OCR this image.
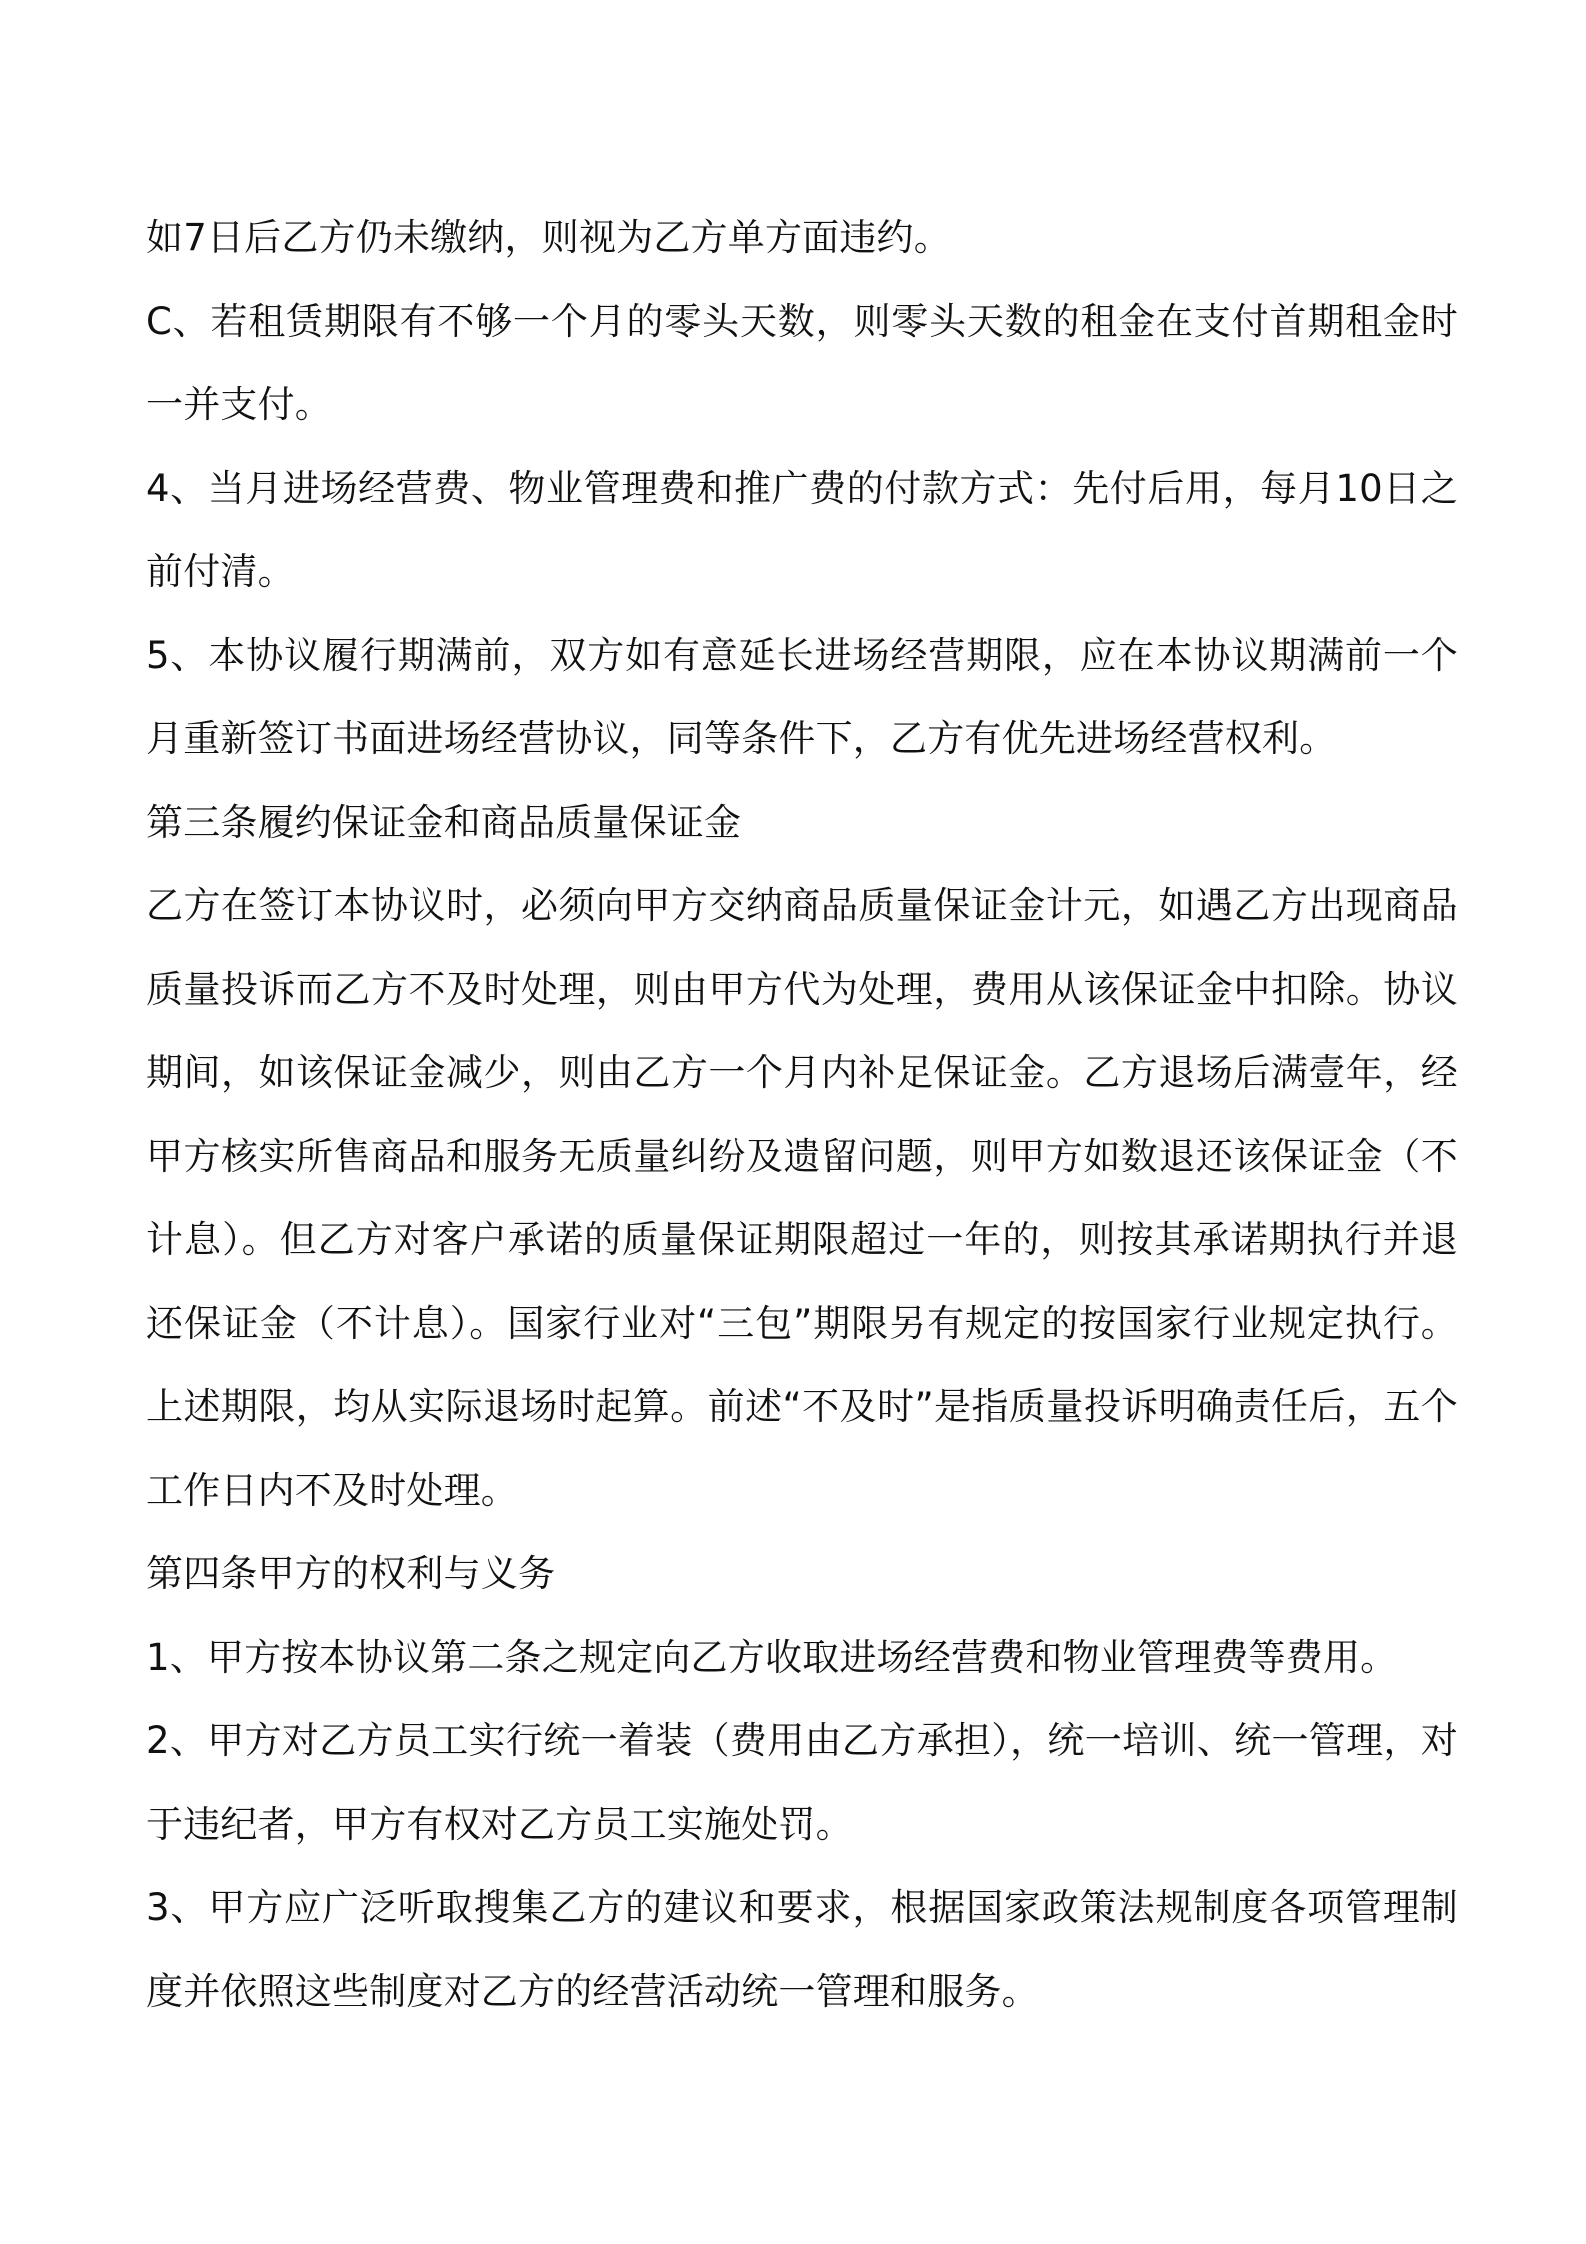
如7日后乙方仍未缴纳，则视为乙方单方面违约。

C、若租赁期限有不够一个月的零头天数，则零头天数的租金在支付首期租金时一并支付。

4、当月进场经营费、物业管理费和推广费的付款方式：先付后用，每月10日之前付清。

5、本协议履行期满前，双方如有意延长进场经营期限，应在本协议期满前一个月重新签订书面进场经营协议，同等条件下，乙方有优先进场经营权利。

第三条履约保证金和商品质量保证金

乙方在签订本协议时，必须向甲方交纳商品质量保证金计元，如遇乙方出现商品质量投诉而乙方不及时处理，则由甲方代为处理，费用从该保证金中扣除。协议期间，如该保证金减少，则由乙方一个月内补足保证金。乙方退场后满壹年，经甲方核实所售商品和服务无质量纠纷及遗留问题，则甲方如数退还该保证金（不计息）。但乙方对客户承诺的质量保证期限超过一年的，则按其承诺期执行并退还保证金（不计息）。国家行业对“三包”期限另有规定的按国家行业规定执行。上述期限，均从实际退场时起算。前述“不及时”是指质量投诉明确责任后，五个工作日内不及时处理。

第四条甲方的权利与义务

1、甲方按本协议第二条之规定向乙方收取进场经营费和物业管理费等费用。

2、甲方对乙方员工实行统一着装（费用由乙方承担），统一培训、统一管理，对于违纪者，甲方有权对乙方员工实施处罚。

3、甲方应广泛听取搜集乙方的建议和要求，根据国家政策法规制度各项管理制度并依照这些制度对乙方的经营活动统一管理和服务。
